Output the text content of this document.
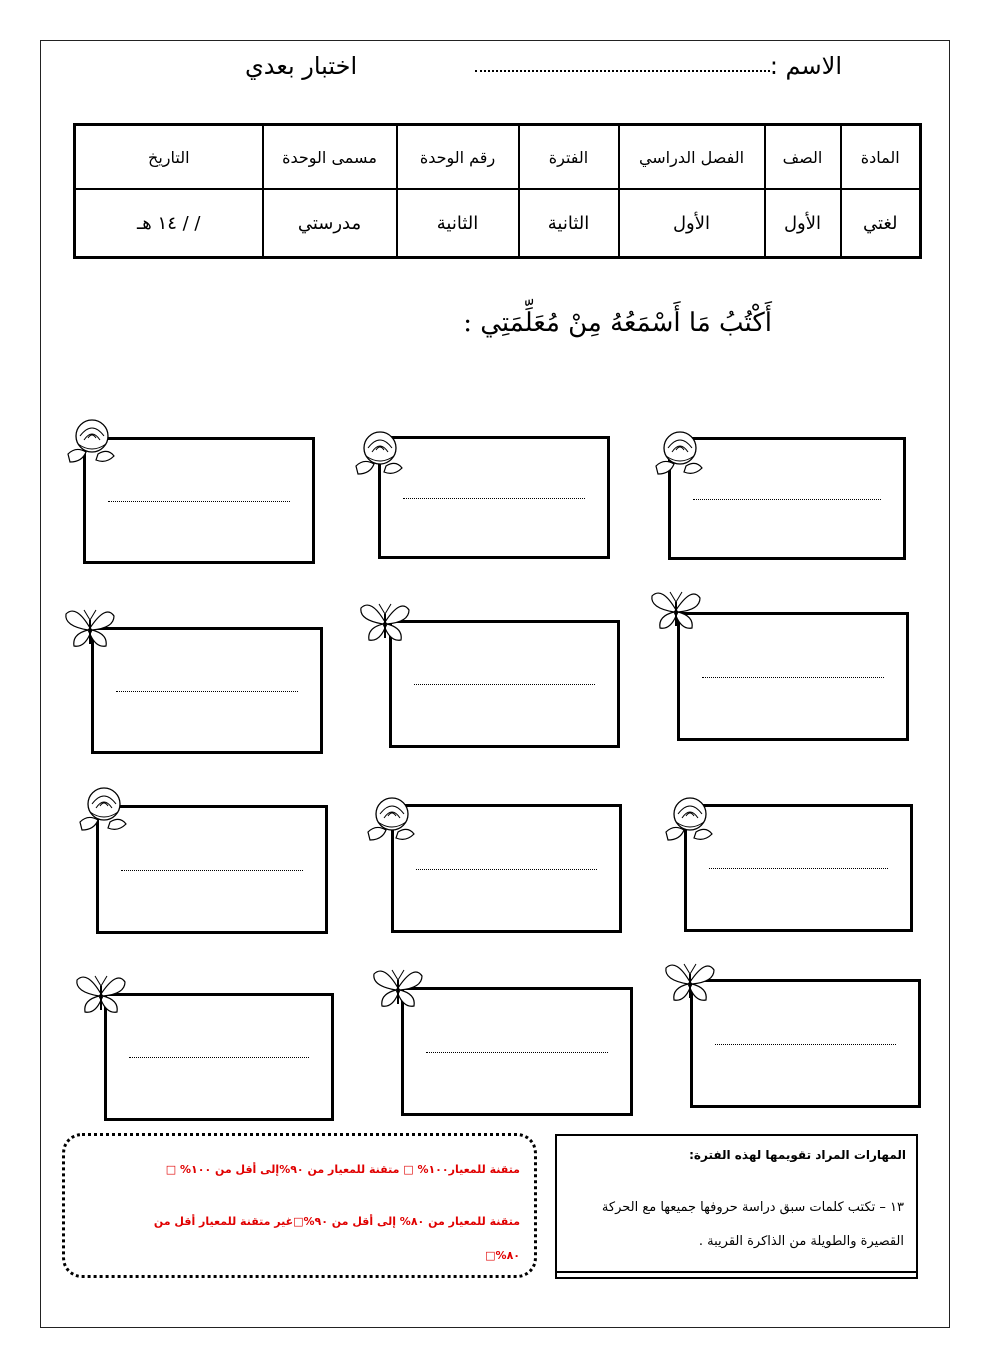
الاسم :
اختبار بعدي
المادة	الصف	الفصل الدراسي	الفترة	رقم الوحدة	مسمى الوحدة	التاريخ
لغتي	الأول	الأول	الثانية	الثانية	مدرستي	/ / ١٤ هـ
أَكْتُبُ مَا أَسْمَعُهُ مِنْ مُعَلِّمَتِي :
متقنة للمعيار١٠٠% □ متقنة للمعيار من ٩٠%إلى أقل من ١٠٠% □
متقنة للمعيار من ٨٠% إلى أقل من ٩٠%□غير متقنة للمعيار أقل من
٨٠%□
المهارات المراد تقويمها لهذه الفترة:
١٣ – تكتب كلمات سبق دراسة حروفها جميعها مع الحركة القصيرة والطويلة من الذاكرة القريبة .
